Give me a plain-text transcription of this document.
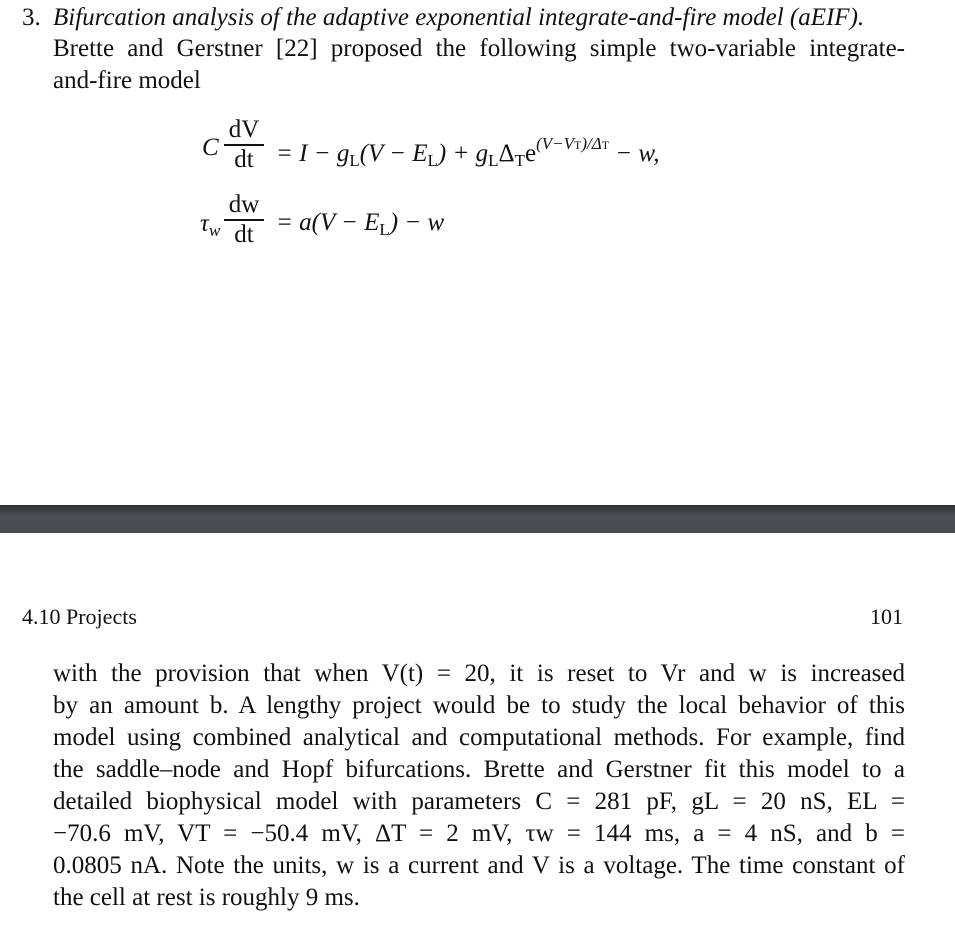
3. Bifurcation analysis of the adaptive exponential integrate-and-fire model (aEIF).
Brette and Gerstner [22] proposed the following simple two-variable integrate-
and-fire model
C
dV
dt = $I - g_L(V - E_L) + g_L\Delta_Te^{(V-VT)/\Delta T} - w$,
$\tau_w$
dw
dt = $a(V - E_L) - w$
4.10 Projects	101
with the provision that when V(t) = 20, it is reset to Vr and w is increased
by an amount b. A lengthy project would be to study the local behavior of this
model using combined analytical and computational methods. For example, find
the saddle–node and Hopf bifurcations. Brette and Gerstner fit this model to a
detailed biophysical model with parameters C = 281 pF, gL = 20 nS, EL =
−70.6 mV, VT = −50.4 mV, ΔT = 2 mV, τw = 144 ms, a = 4 nS, and b =
0.0805 nA. Note the units, w is a current and V is a voltage. The time constant of
the cell at rest is roughly 9 ms.
